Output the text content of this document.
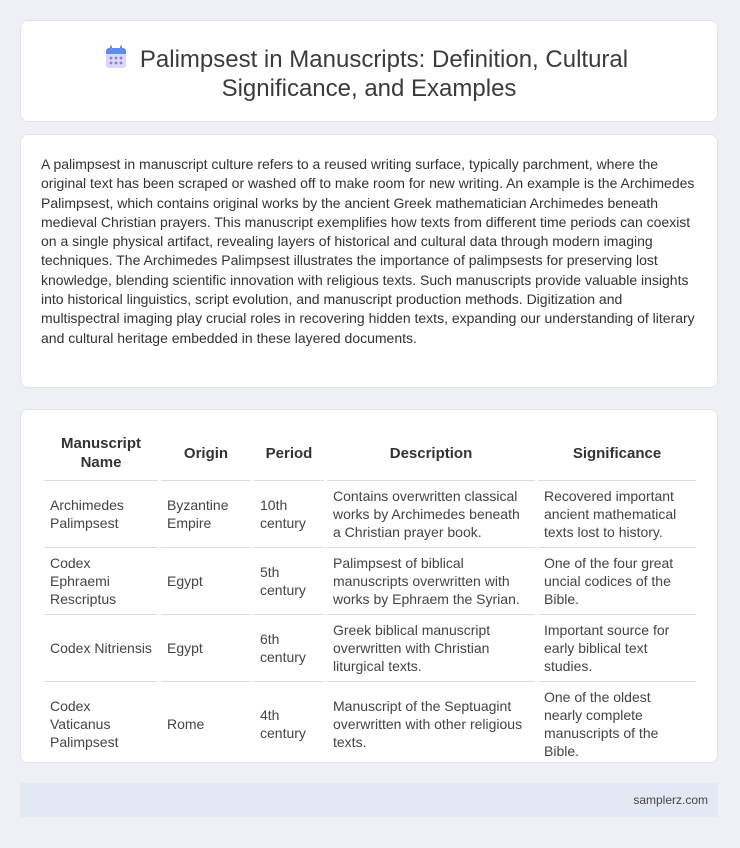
Palimpsest in Manuscripts: Definition, Cultural
Significance, and Examples
A palimpsest in manuscript culture refers to a reused writing surface, typically parchment, where the original text has been scraped or washed off to make room for new writing. An example is the Archimedes Palimpsest, which contains original works by the ancient Greek mathematician Archimedes beneath medieval Christian prayers. This manuscript exemplifies how texts from different time periods can coexist on a single physical artifact, revealing layers of historical and cultural data through modern imaging techniques. The Archimedes Palimpsest illustrates the importance of palimpsests for preserving lost knowledge, blending scientific innovation with religious texts. Such manuscripts provide valuable insights into historical linguistics, script evolution, and manuscript production methods. Digitization and multispectral imaging play crucial roles in recovering hidden texts, expanding our understanding of literary and cultural heritage embedded in these layered documents.
Manuscript Name	Origin	Period	Description	Significance
Archimedes Palimpsest	Byzantine Empire	10th century	Contains overwritten classical works by Archimedes beneath a Christian prayer book.	Recovered important ancient mathematical texts lost to history.
Codex Ephraemi Rescriptus	Egypt	5th century	Palimpsest of biblical manuscripts overwritten with works by Ephraem the Syrian.	One of the four great uncial codices of the Bible.
Codex Nitriensis	Egypt	6th century	Greek biblical manuscript overwritten with Christian liturgical texts.	Important source for early biblical text studies.
Codex Vaticanus Palimpsest	Rome	4th century	Manuscript of the Septuagint overwritten with other religious texts.	One of the oldest nearly complete manuscripts of the Bible.
samplerz.com
